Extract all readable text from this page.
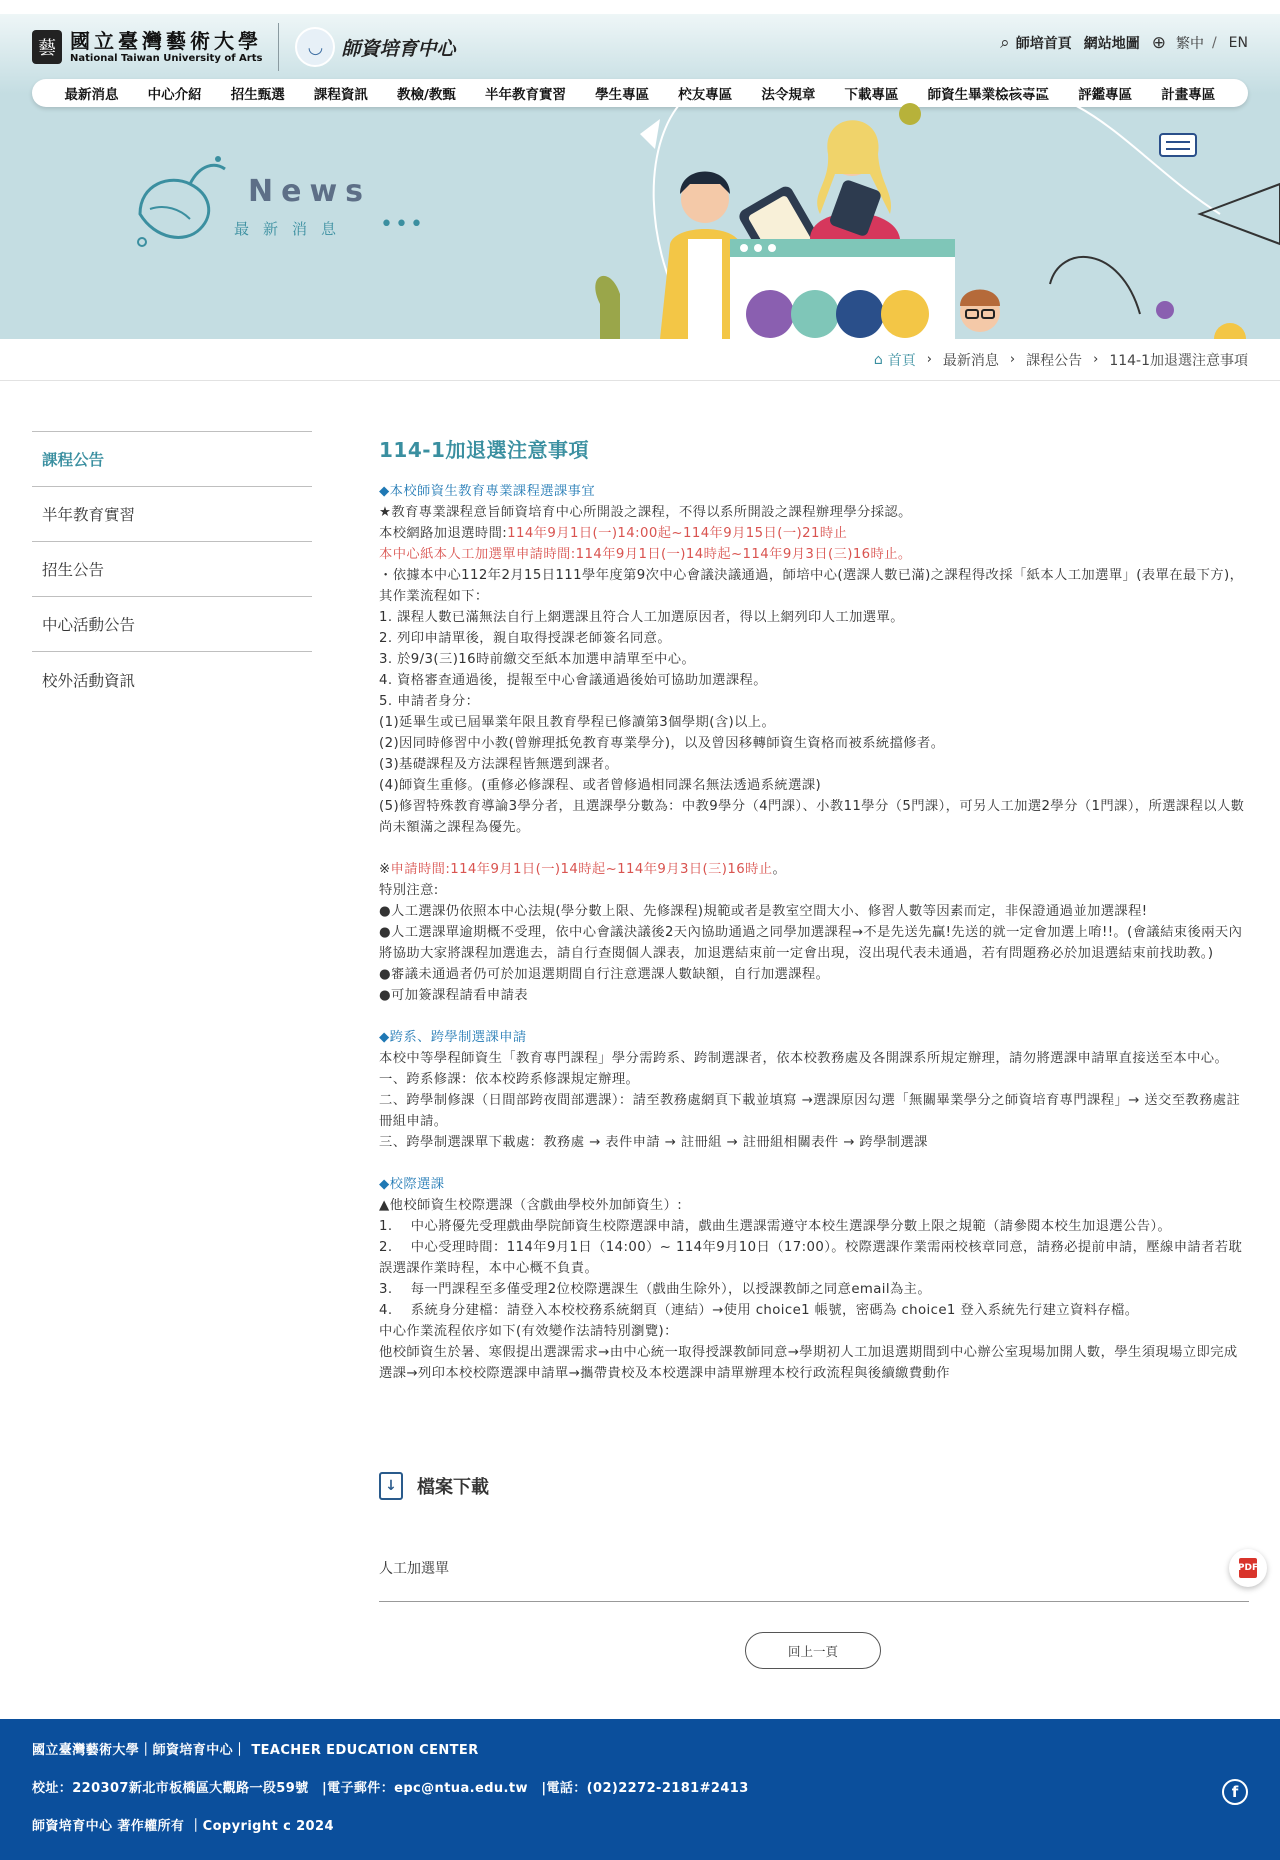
藝 國立臺灣藝術大學
National Taiwan University of Arts
◡ 師資培育中心	⌕ 師培首頁 網站地圖 ⊕ 繁中 / EN
最新消息 中心介紹 招生甄選 課程資訊 教檢/教甄 半年教育實習 學生專區 校友專區 法令規章 下載專區 師資生畢業檢核專區 評鑑專區 計畫專區
News
最新消息 •••
⌂ 首頁 › 最新消息 › 課程公告 › 114-1加退選注意事項
課程公告
半年教育實習
招生公告
中心活動公告
校外活動資訊
114-1加退選注意事項
◆本校師資生教育專業課程選課事宜
★教育專業課程意旨師資培育中心所開設之課程，不得以系所開設之課程辦理學分採認。
本校網路加退選時間:114年9月1日(一)14:00起~114年9月15日(一)21時止
本中心紙本人工加選單申請時間:114年9月1日(一)14時起~114年9月3日(三)16時止。
・依據本中心112年2月15日111學年度第9次中心會議決議通過，師培中心(選課人數已滿)之課程得改採「紙本人工加選單」(表單在最下方)，其作業流程如下：
1. 課程人數已滿無法自行上網選課且符合人工加選原因者，得以上網列印人工加選單。
2. 列印申請單後，親自取得授課老師簽名同意。
3. 於9/3(三)16時前繳交至紙本加選申請單至中心。
4. 資格審查通過後，提報至中心會議通過後始可協助加選課程。
5. 申請者身分：
(1)延畢生或已屆畢業年限且教育學程已修讀第3個學期(含)以上。
(2)因同時修習中小教(曾辦理抵免教育專業學分)，以及曾因移轉師資生資格而被系統擋修者。
(3)基礎課程及方法課程皆無選到課者。
(4)師資生重修。(重修必修課程、或者曾修過相同課名無法透過系統選課)
(5)修習特殊教育導論3學分者，且選課學分數為：中教9學分（4門課）、小教11學分（5門課），可另人工加選2學分（1門課），所選課程以人數尚未額滿之課程為優先。
※申請時間:114年9月1日(一)14時起~114年9月3日(三)16時止。
特別注意:
●人工選課仍依照本中心法規(學分數上限、先修課程)規範或者是教室空間大小、修習人數等因素而定，非保證通過並加選課程!
●人工選課單逾期概不受理，依中心會議決議後2天內協助通過之同學加選課程→不是先送先贏!先送的就一定會加選上唷!!。(會議結束後兩天內將協助大家將課程加選進去，請自行查閱個人課表，加退選結束前一定會出現，沒出現代表未通過，若有問題務必於加退選結束前找助教。)
●審議未通過者仍可於加退選期間自行注意選課人數缺額，自行加選課程。
●可加簽課程請看申請表
◆跨系、跨學制選課申請
本校中等學程師資生「教育專門課程」學分需跨系、跨制選課者，依本校教務處及各開課系所規定辦理，請勿將選課申請單直接送至本中心。
一、跨系修課：依本校跨系修課規定辦理。
二、跨學制修課（日間部跨夜間部選課）：請至教務處網頁下載並填寫 →選課原因勾選「無關畢業學分之師資培育專門課程」→ 送交至教務處註冊組申請。
三、跨學制選課單下載處：教務處 → 表件申請 → 註冊組 → 註冊組相關表件 → 跨學制選課
◆校際選課
▲他校師資生校際選課（含戲曲學校外加師資生）:
1.　 中心將優先受理戲曲學院師資生校際選課申請，戲曲生選課需遵守本校生選課學分數上限之規範（請參閱本校生加退選公告）。
2.　 中心受理時間：114年9月1日（14:00）~ 114年9月10日（17:00）。校際選課作業需兩校核章同意，請務必提前申請，壓線申請者若耽誤選課作業時程，本中心概不負責。
3.　 每一門課程至多僅受理2位校際選課生（戲曲生除外），以授課教師之同意email為主。
4.　 系統身分建檔：請登入本校校務系統網頁（連結）→使用 choice1 帳號，密碼為 choice1 登入系統先行建立資料存檔。
中心作業流程依序如下(有效變作法請特別瀏覽)：
他校師資生於暑、寒假提出選課需求→由中心統一取得授課教師同意→學期初人工加退選期間到中心辦公室現場加開人數，學生須現場立即完成選課→列印本校校際選課申請單→攜帶貴校及本校選課申請單辦理本校行政流程與後續繳費動作
↓	檔案下載
人工加選單	PDF
回上一頁
國立臺灣藝術大學｜師資培育中心｜ TEACHER EDUCATION CENTER
校址：220307新北市板橋區大觀路一段59號　|電子郵件：epc@ntua.edu.tw　|電話：(02)2272-2181#2413
師資培育中心 著作權所有 ｜Copyright c 2024
f
